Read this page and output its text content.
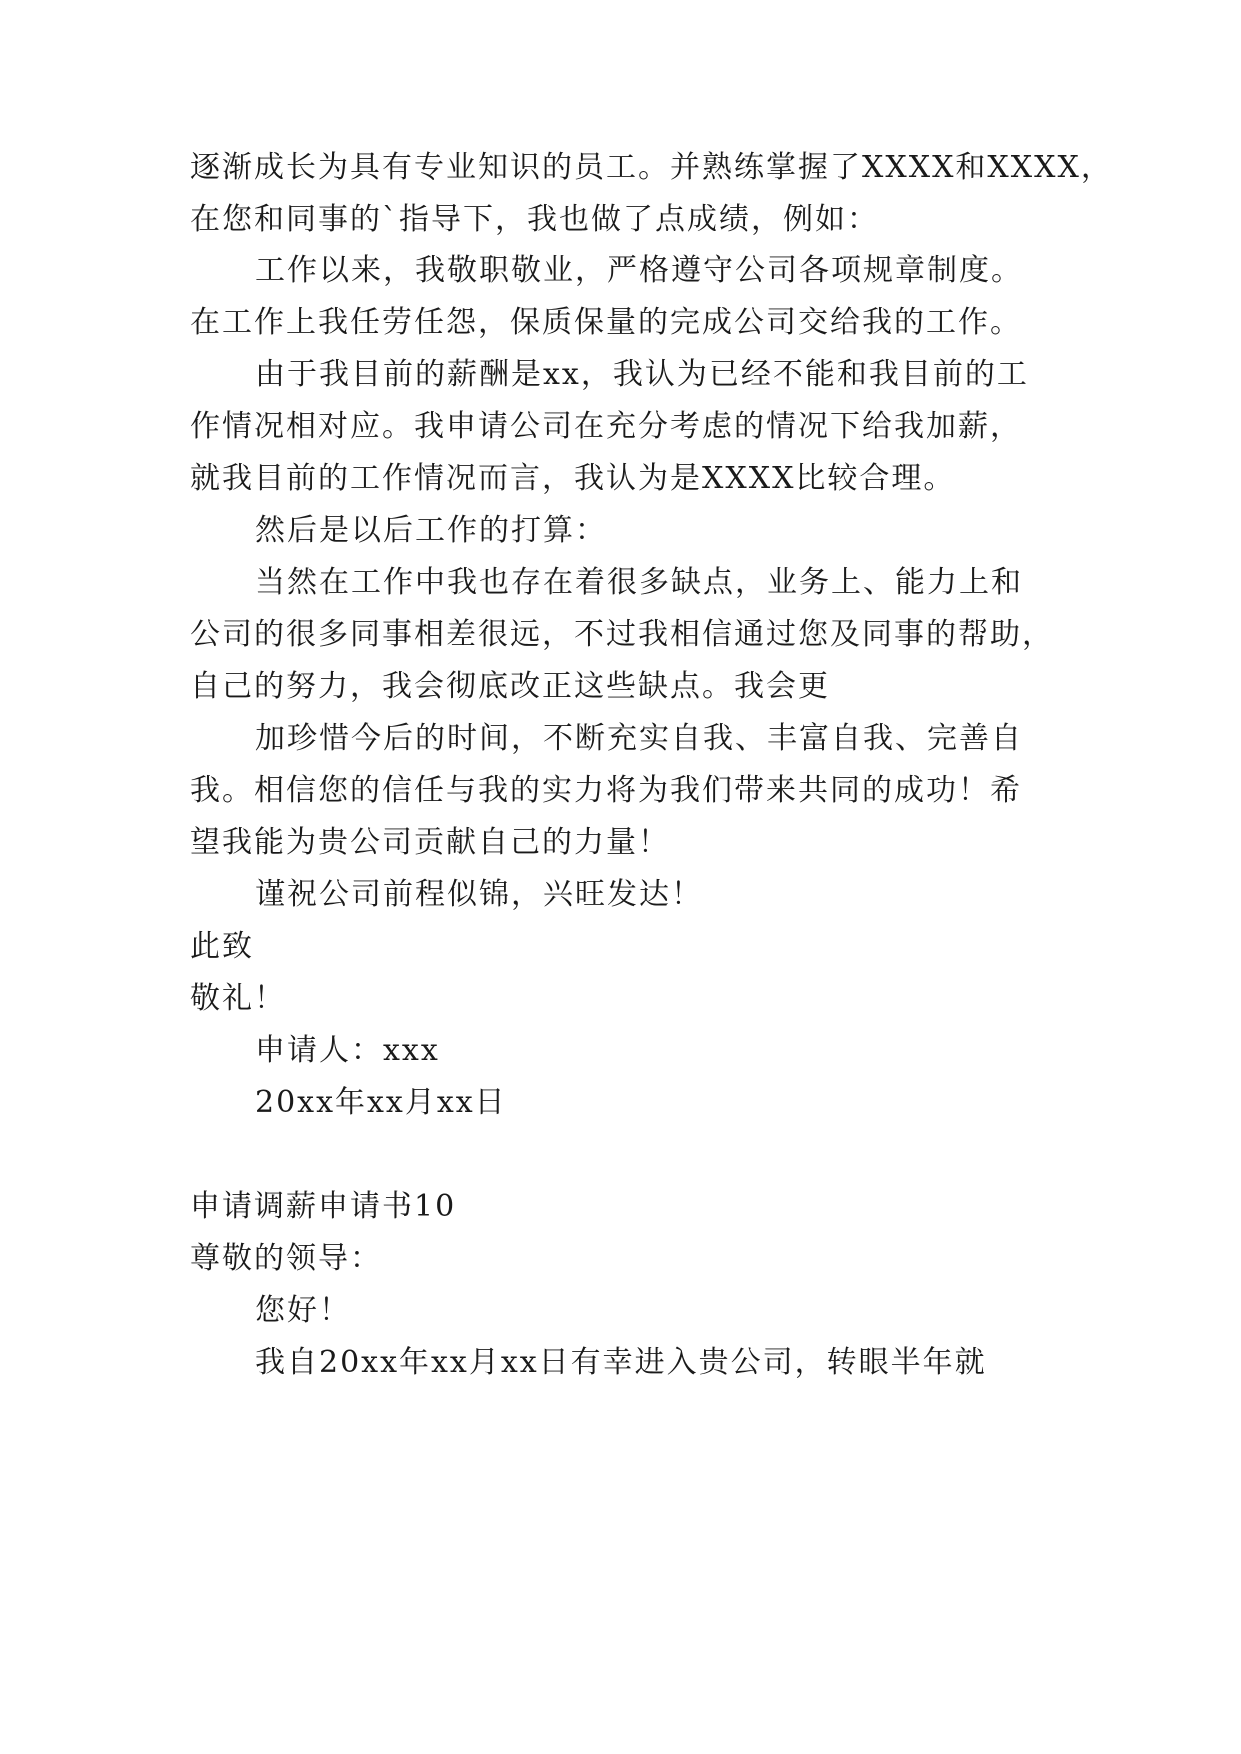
逐渐成长为具有专业知识的员工。并熟练掌握了XXXX和XXXX，
在您和同事的`指导下，我也做了点成绩，例如：
工作以来，我敬职敬业，严格遵守公司各项规章制度。
在工作上我任劳任怨，保质保量的完成公司交给我的工作。
由于我目前的薪酬是xx，我认为已经不能和我目前的工
作情况相对应。我申请公司在充分考虑的情况下给我加薪，
就我目前的工作情况而言，我认为是XXXX比较合理。
然后是以后工作的打算：
当然在工作中我也存在着很多缺点，业务上、能力上和
公司的很多同事相差很远，不过我相信通过您及同事的帮助，
自己的努力，我会彻底改正这些缺点。我会更
加珍惜今后的时间，不断充实自我、丰富自我、完善自
我。相信您的信任与我的实力将为我们带来共同的成功！希
望我能为贵公司贡献自己的力量！
谨祝公司前程似锦，兴旺发达！
此致
敬礼！
申请人：xxx
20xx年xx月xx日
申请调薪申请书10
尊敬的领导：
您好！
我自20xx年xx月xx日有幸进入贵公司，转眼半年就
